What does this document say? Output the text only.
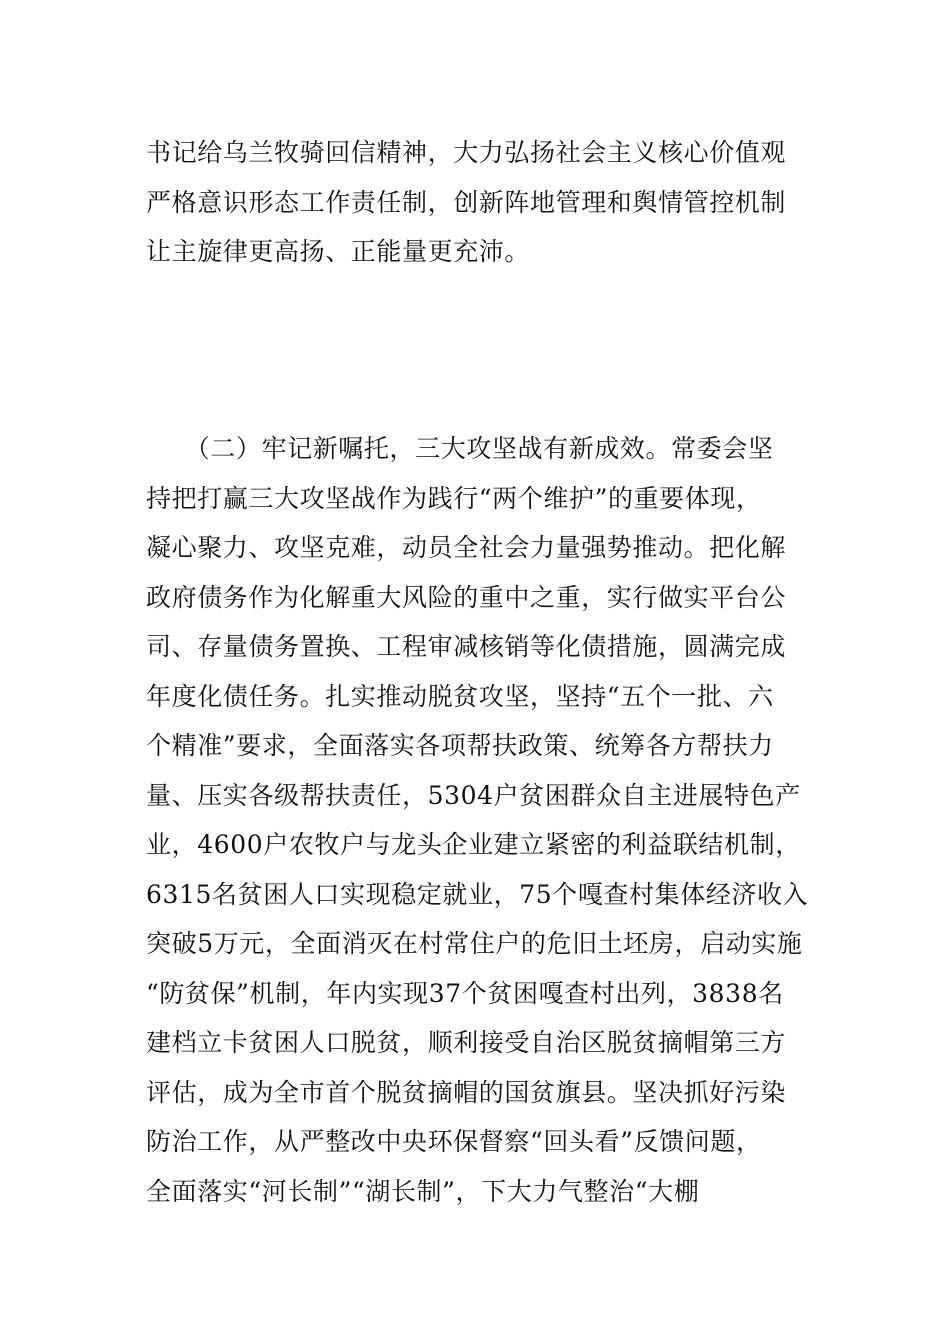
书记给乌兰牧骑回信精神，大力弘扬社会主义核心价值观
严格意识形态工作责任制，创新阵地管理和舆情管控机制
让主旋律更高扬、正能量更充沛。
　　（二）牢记新嘱托，三大攻坚战有新成效。常委会坚
持把打赢三大攻坚战作为践行“两个维护”的重要体现，
凝心聚力、攻坚克难，动员全社会力量强势推动。把化解
政府债务作为化解重大风险的重中之重，实行做实平台公
司、存量债务置换、工程审减核销等化债措施，圆满完成
年度化债任务。扎实推动脱贫攻坚，坚持“五个一批、六
个精准”要求，全面落实各项帮扶政策、统筹各方帮扶力
量、压实各级帮扶责任，5304户贫困群众自主进展特色产
业，4600户农牧户与龙头企业建立紧密的利益联结机制，
6315名贫困人口实现稳定就业，75个嘎查村集体经济收入
突破5万元，全面消灭在村常住户的危旧土坯房，启动实施
“防贫保”机制，年内实现37个贫困嘎查村出列，3838名
建档立卡贫困人口脱贫，顺利接受自治区脱贫摘帽第三方
评估，成为全市首个脱贫摘帽的国贫旗县。坚决抓好污染
防治工作，从严整改中央环保督察“回头看”反馈问题，
全面落实“河长制”“湖长制”，下大力气整治“大棚
